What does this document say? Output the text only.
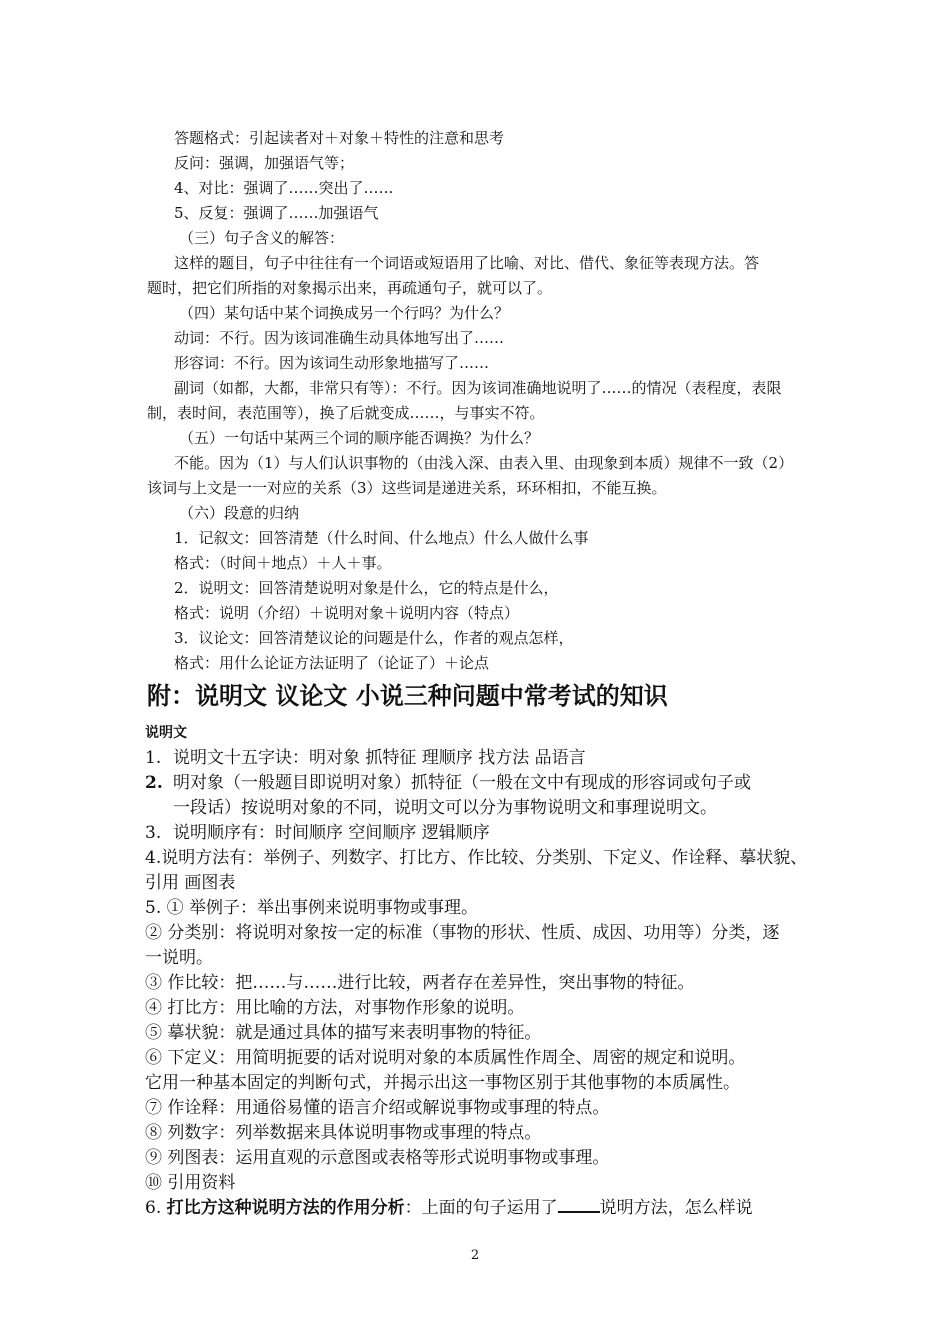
答题格式：引起读者对＋对象＋特性的注意和思考

反问：强调，加强语气等；

4、对比：强调了……突出了……

5、反复：强调了……加强语气

（三）句子含义的解答：

这样的题目，句子中往往有一个词语或短语用了比喻、对比、借代、象征等表现方法。答

题时，把它们所指的对象揭示出来，再疏通句子，就可以了。

（四）某句话中某个词换成另一个行吗？为什么？

动词：不行。因为该词准确生动具体地写出了……

形容词：不行。因为该词生动形象地描写了……

副词（如都，大都，非常只有等）：不行。因为该词准确地说明了……的情况（表程度，表限

制，表时间，表范围等），换了后就变成……，与事实不符。

（五）一句话中某两三个词的顺序能否调换？为什么？

不能。因为（1）与人们认识事物的（由浅入深、由表入里、由现象到本质）规律不一致（2）

该词与上文是一一对应的关系（3）这些词是递进关系，环环相扣，不能互换。

（六）段意的归纳

1．记叙文：回答清楚（什么时间、什么地点）什么人做什么事

格式：（时间＋地点）＋人＋事。

2．说明文：回答清楚说明对象是什么，它的特点是什么，

格式：说明（介绍）＋说明对象＋说明内容（特点）

3．议论文：回答清楚议论的问题是什么，作者的观点怎样，

格式：用什么论证方法证明了（论证了）＋论点

附：说明文 议论文 小说三种问题中常考试的知识

说明文

1. 说明文十五字诀：明对象 抓特征 理顺序 找方法 品语言

2. 明对象（一般题目即说明对象）抓特征（一般在文中有现成的形容词或句子或

一段话）按说明对象的不同，说明文可以分为事物说明文和事理说明文。

3. 说明顺序有：时间顺序 空间顺序 逻辑顺序

4.说明方法有：举例子、列数字、打比方、作比较、分类别、下定义、作诠释、摹状貌、

引用 画图表

5. ① 举例子：举出事例来说明事物或事理。

② 分类别：将说明对象按一定的标准（事物的形状、性质、成因、功用等）分类，逐

一说明。

③ 作比较：把……与……进行比较，两者存在差异性，突出事物的特征。

④ 打比方：用比喻的方法，对事物作形象的说明。

⑤ 摹状貌：就是通过具体的描写来表明事物的特征。

⑥ 下定义：用简明扼要的话对说明对象的本质属性作周全、周密的规定和说明。

它用一种基本固定的判断句式，并揭示出这一事物区别于其他事物的本质属性。

⑦ 作诠释：用通俗易懂的语言介绍或解说事物或事理的特点。

⑧ 列数字：列举数据来具体说明事物或事理的特点。

⑨ 列图表：运用直观的示意图或表格等形式说明事物或事理。

⑩ 引用资料

6. 打比方这种说明方法的作用分析：上面的句子运用了 说明方法，怎么样说

2
